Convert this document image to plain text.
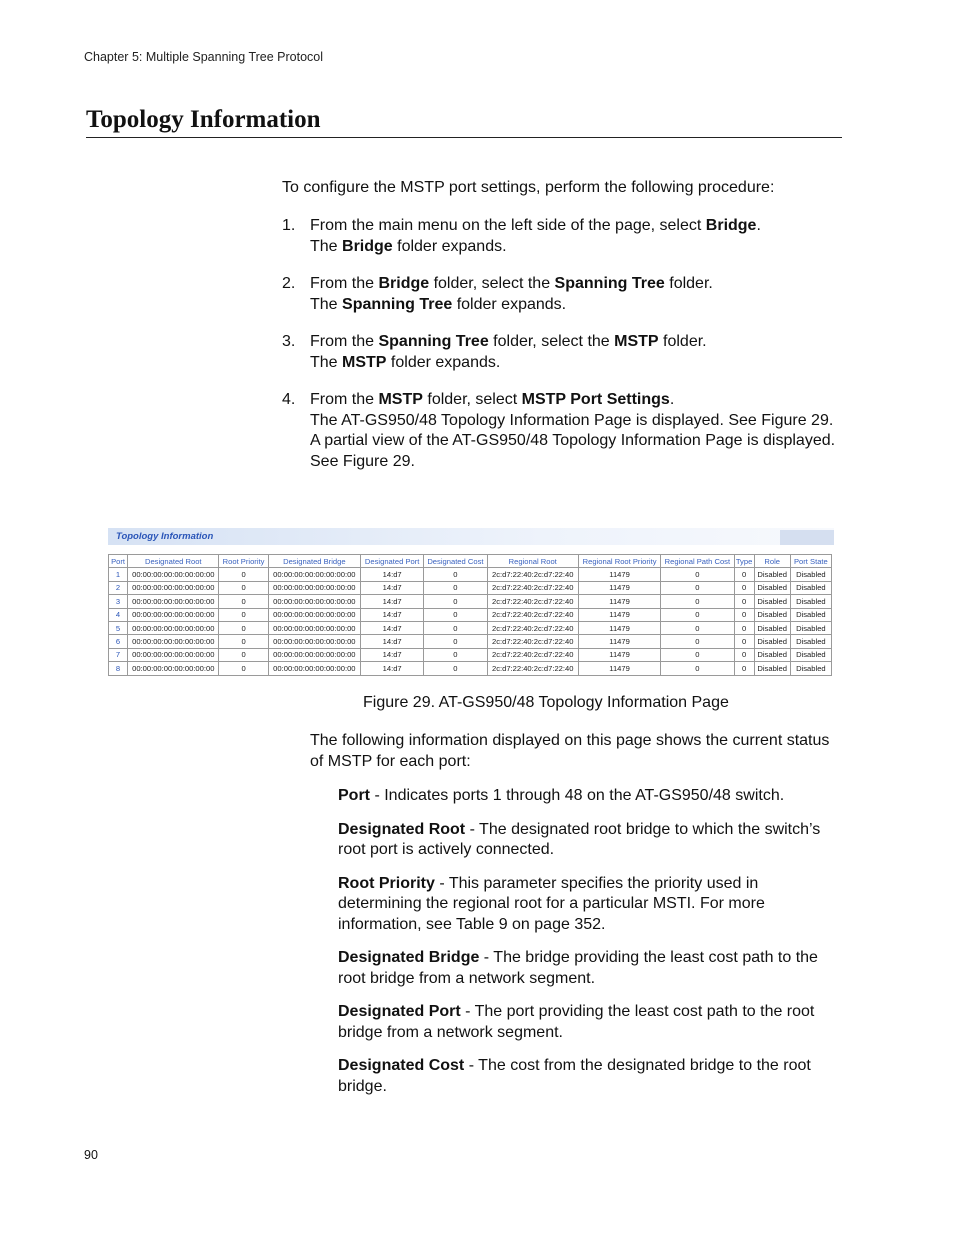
Chapter 5: Multiple Spanning Tree Protocol
Topology Information
To configure the MSTP port settings, perform the following procedure:
1. From the main menu on the left side of the page, select Bridge.

The Bridge folder expands.

2. From the Bridge folder, select the Spanning Tree folder.

The Spanning Tree folder expands.

3. From the Spanning Tree folder, select the MSTP folder.

The MSTP folder expands.

4. From the MSTP folder, select MSTP Port Settings.

The AT-GS950/48 Topology Information Page is displayed. See Figure 29.

A partial view of the AT-GS950/48 Topology Information Page is displayed. See Figure 29.

Topology Information
Port	Designated Root	Root Priority	Designated Bridge	Designated Port	Designated Cost	Regional Root	Regional Root Priority	Regional Path Cost	Type	Role	Port State
1	00:00:00:00:00:00:00:00	0	00:00:00:00:00:00:00:00	14:d7	0	2c:d7:22:40:2c:d7:22:40	11479	0	0	Disabled	Disabled
2	00:00:00:00:00:00:00:00	0	00:00:00:00:00:00:00:00	14:d7	0	2c:d7:22:40:2c:d7:22:40	11479	0	0	Disabled	Disabled
3	00:00:00:00:00:00:00:00	0	00:00:00:00:00:00:00:00	14:d7	0	2c:d7:22:40:2c:d7:22:40	11479	0	0	Disabled	Disabled
4	00:00:00:00:00:00:00:00	0	00:00:00:00:00:00:00:00	14:d7	0	2c:d7:22:40:2c:d7:22:40	11479	0	0	Disabled	Disabled
5	00:00:00:00:00:00:00:00	0	00:00:00:00:00:00:00:00	14:d7	0	2c:d7:22:40:2c:d7:22:40	11479	0	0	Disabled	Disabled
6	00:00:00:00:00:00:00:00	0	00:00:00:00:00:00:00:00	14:d7	0	2c:d7:22:40:2c:d7:22:40	11479	0	0	Disabled	Disabled
7	00:00:00:00:00:00:00:00	0	00:00:00:00:00:00:00:00	14:d7	0	2c:d7:22:40:2c:d7:22:40	11479	0	0	Disabled	Disabled
8	00:00:00:00:00:00:00:00	0	00:00:00:00:00:00:00:00	14:d7	0	2c:d7:22:40:2c:d7:22:40	11479	0	0	Disabled	Disabled
Figure 29. AT-GS950/48 Topology Information Page

The following information displayed on this page shows the current status of MSTP for each port:

Port - Indicates ports 1 through 48 on the AT-GS950/48 switch.

Designated Root - The designated root bridge to which the switch’s root port is actively connected.

Root Priority - This parameter specifies the priority used in determining the regional root for a particular MSTI. For more information, see Table 9 on page 352.

Designated Bridge - The bridge providing the least cost path to the root bridge from a network segment.

Designated Port - The port providing the least cost path to the root bridge from a network segment.

Designated Cost - The cost from the designated bridge to the root bridge.

90
